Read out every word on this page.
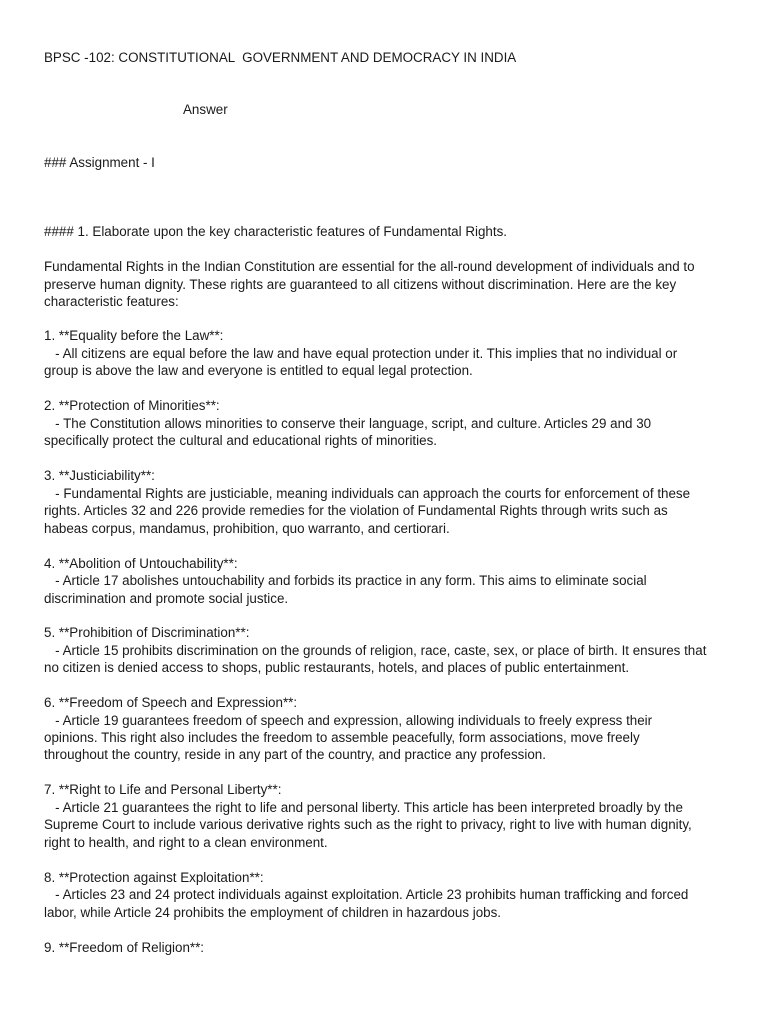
BPSC -102: CONSTITUTIONAL  GOVERNMENT AND DEMOCRACY IN INDIA
Answer
### Assignment - I
#### 1. Elaborate upon the key characteristic features of Fundamental Rights.
Fundamental Rights in the Indian Constitution are essential for the all-round development of individuals and to
preserve human dignity. These rights are guaranteed to all citizens without discrimination. Here are the key
characteristic features:
1. **Equality before the Law**:
- All citizens are equal before the law and have equal protection under it. This implies that no individual or
group is above the law and everyone is entitled to equal legal protection.
2. **Protection of Minorities**:
- The Constitution allows minorities to conserve their language, script, and culture. Articles 29 and 30
specifically protect the cultural and educational rights of minorities.
3. **Justiciability**:
- Fundamental Rights are justiciable, meaning individuals can approach the courts for enforcement of these
rights. Articles 32 and 226 provide remedies for the violation of Fundamental Rights through writs such as
habeas corpus, mandamus, prohibition, quo warranto, and certiorari.
4. **Abolition of Untouchability**:
- Article 17 abolishes untouchability and forbids its practice in any form. This aims to eliminate social
discrimination and promote social justice.
5. **Prohibition of Discrimination**:
- Article 15 prohibits discrimination on the grounds of religion, race, caste, sex, or place of birth. It ensures that
no citizen is denied access to shops, public restaurants, hotels, and places of public entertainment.
6. **Freedom of Speech and Expression**:
- Article 19 guarantees freedom of speech and expression, allowing individuals to freely express their
opinions. This right also includes the freedom to assemble peacefully, form associations, move freely
throughout the country, reside in any part of the country, and practice any profession.
7. **Right to Life and Personal Liberty**:
- Article 21 guarantees the right to life and personal liberty. This article has been interpreted broadly by the
Supreme Court to include various derivative rights such as the right to privacy, right to live with human dignity,
right to health, and right to a clean environment.
8. **Protection against Exploitation**:
- Articles 23 and 24 protect individuals against exploitation. Article 23 prohibits human trafficking and forced
labor, while Article 24 prohibits the employment of children in hazardous jobs.
9. **Freedom of Religion**:
